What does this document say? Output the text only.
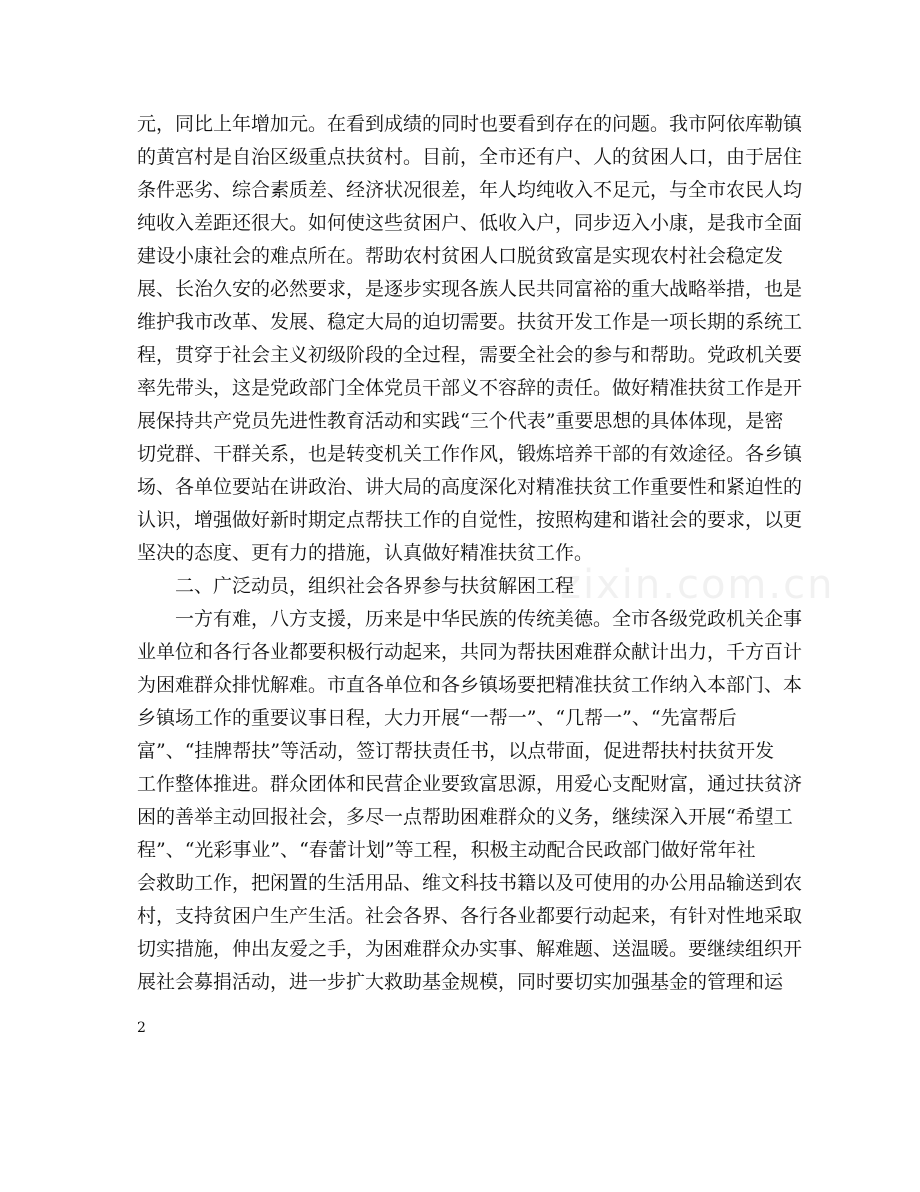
zixin.com.cn
元，同比上年增加元。在看到成绩的同时也要看到存在的问题。我市阿依库勒镇
的黄宫村是自治区级重点扶贫村。目前，全市还有户、人的贫困人口，由于居住
条件恶劣、综合素质差、经济状况很差，年人均纯收入不足元，与全市农民人均
纯收入差距还很大。如何使这些贫困户、低收入户，同步迈入小康，是我市全面
建设小康社会的难点所在。帮助农村贫困人口脱贫致富是实现农村社会稳定发
展、长治久安的必然要求，是逐步实现各族人民共同富裕的重大战略举措，也是
维护我市改革、发展、稳定大局的迫切需要。扶贫开发工作是一项长期的系统工
程，贯穿于社会主义初级阶段的全过程，需要全社会的参与和帮助。党政机关要
率先带头，这是党政部门全体党员干部义不容辞的责任。做好精准扶贫工作是开
展保持共产党员先进性教育活动和实践“三个代表”重要思想的具体体现，是密
切党群、干群关系，也是转变机关工作作风，锻炼培养干部的有效途径。各乡镇
场、各单位要站在讲政治、讲大局的高度深化对精准扶贫工作重要性和紧迫性的
认识，增强做好新时期定点帮扶工作的自觉性，按照构建和谐社会的要求，以更
坚决的态度、更有力的措施，认真做好精准扶贫工作。
二、广泛动员，组织社会各界参与扶贫解困工程
一方有难，八方支援，历来是中华民族的传统美德。全市各级党政机关企事
业单位和各行各业都要积极行动起来，共同为帮扶困难群众献计出力，千方百计
为困难群众排忧解难。市直各单位和各乡镇场要把精准扶贫工作纳入本部门、本
乡镇场工作的重要议事日程，大力开展“一帮一”、“几帮一”、“先富帮后
富”、“挂牌帮扶”等活动，签订帮扶责任书，以点带面，促进帮扶村扶贫开发
工作整体推进。群众团体和民营企业要致富思源，用爱心支配财富，通过扶贫济
困的善举主动回报社会，多尽一点帮助困难群众的义务，继续深入开展“希望工
程”、“光彩事业”、“春蕾计划”等工程，积极主动配合民政部门做好常年社
会救助工作，把闲置的生活用品、维文科技书籍以及可使用的办公用品输送到农
村，支持贫困户生产生活。社会各界、各行各业都要行动起来，有针对性地采取
切实措施，伸出友爱之手，为困难群众办实事、解难题、送温暖。要继续组织开
展社会募捐活动，进一步扩大救助基金规模，同时要切实加强基金的管理和运
2
